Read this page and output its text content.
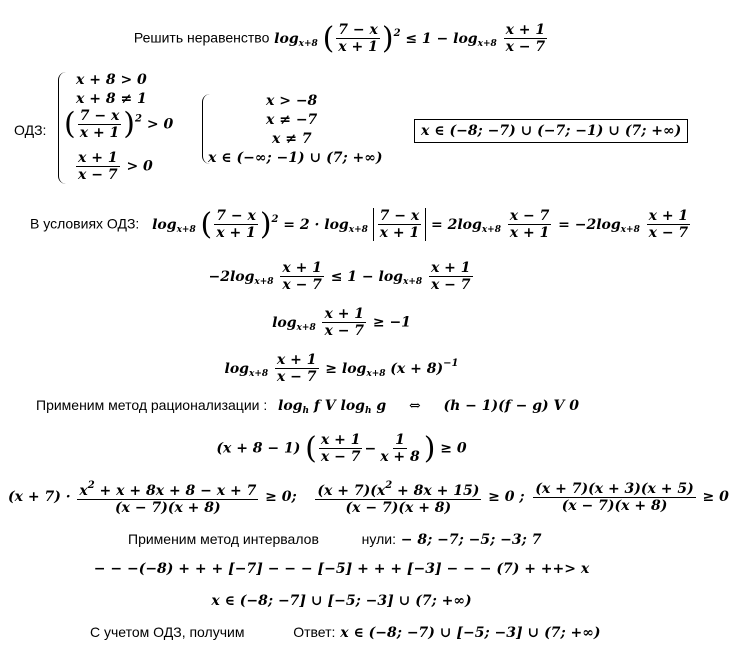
Решить неравенство $\log_{x+8}$ ( $\frac{7 - x}{x + 1} )^2 \le 1 - \log_{x+8} \frac{x + 1}{x - 7}$
ОДЗ:
x + 8 > 0
x + 8 ≠ 1
( $\frac{7 - x}{x + 1} )^2 > 0$
$\frac{x + 1}{x - 7} > 0$
x > −8
x ≠ −7
x ≠ 7
x ∈ (−∞; −1) ∪ (7; +∞)
x ∈ (−8; −7) ∪ (−7; −1) ∪ (7; +∞)
В условиях ОДЗ: $\log_{x+8}$ ( $\frac{7 - x}{x + 1} )^2 = 2 \cdot \log_{x+8} \frac{7 - x}{x + 1} = 2\log_{x+8} \frac{x - 7}{x + 1} = -2\log_{x+8} \frac{x + 1}{x - 7}$
$-2\log_{x+8} \frac{x + 1}{x - 7} \le 1 - \log_{x+8} \frac{x + 1}{x - 7}$
$\log_{x+8} \frac{x + 1}{x - 7} \ge -1$
$\log_{x+8} \frac{x + 1}{x - 7} \ge \log_{x+8} (x + 8)^{-1}$
Применим метод рационализации : $\log_h f$ V $\log_h g$ ⇔ (h − 1)(f − g) V 0
(x + 8 − 1) ( $\frac{x + 1}{x - 7} - \frac{1}{x + 8}$ ) ≥ 0
$(x + 7) \cdot \frac{x^2 + x + 8x + 8 - x + 7}{(x - 7)(x + 8)} \ge 0$; $\frac{(x + 7)(x^2 + 8x + 15)}{(x - 7)(x + 8)} \ge 0$ ; $\frac{(x + 7)(x + 3)(x + 5)}{(x - 7)(x + 8)} \ge 0$
Применим метод интервалов	нули: − 8; −7; −5; −3; 7
− − −(−8) + + + [−7] − − − [−5] + + + [−3] − − − (7) + ++> x
x ∈ (−8; −7] ∪ [−5; −3] ∪ (7; +∞)
С учетом ОДЗ, получим	Ответ: x ∈ (−8; −7) ∪ [−5; −3] ∪ (7; +∞)
